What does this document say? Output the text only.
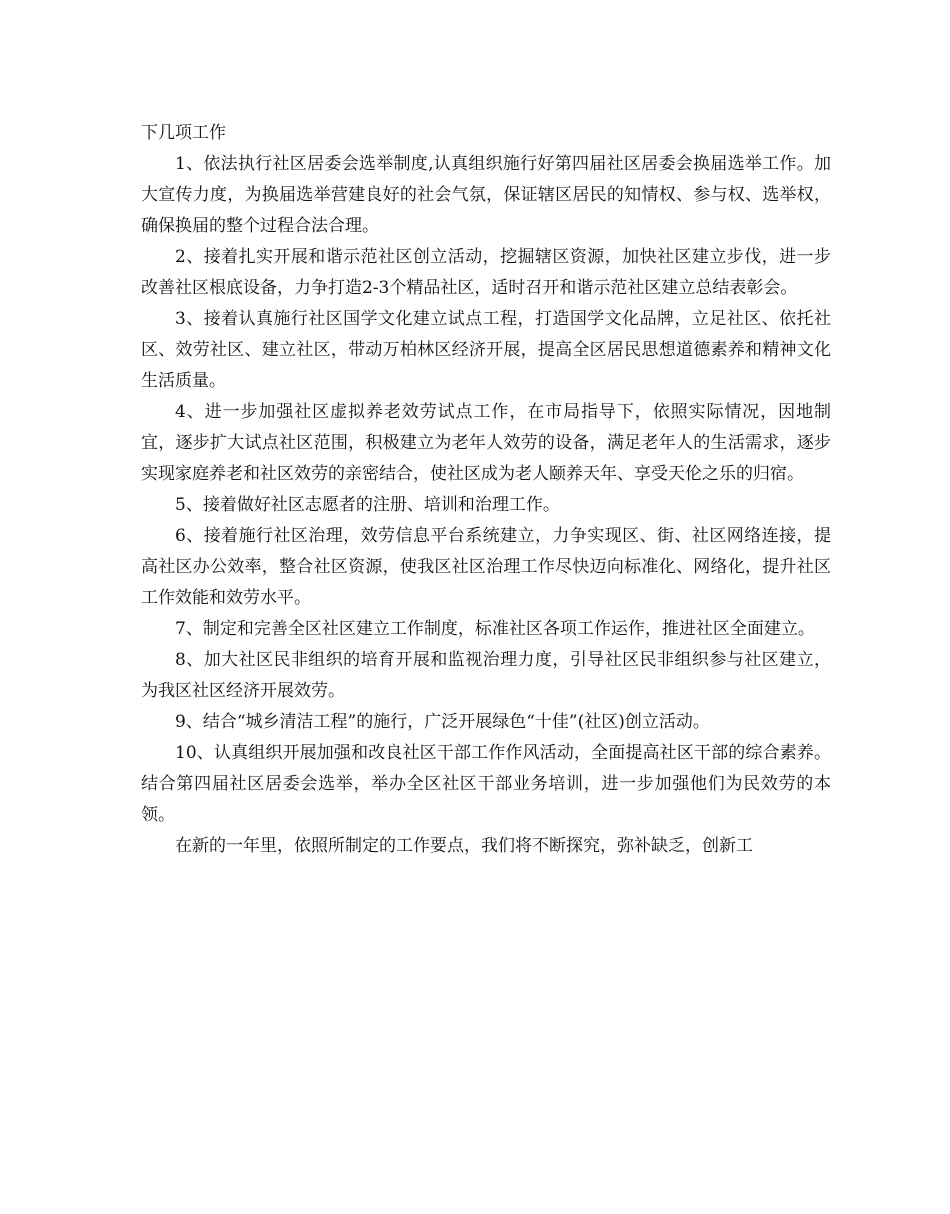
下几项工作

1、依法执行社区居委会选举制度,认真组织施行好第四届社区居委会换届选举工作。加大宣传力度，为换届选举营建良好的社会气氛，保证辖区居民的知情权、参与权、选举权，确保换届的整个过程合法合理。

2、接着扎实开展和谐示范社区创立活动，挖掘辖区资源，加快社区建立步伐，进一步改善社区根底设备，力争打造2-3个精品社区，适时召开和谐示范社区建立总结表彰会。

3、接着认真施行社区国学文化建立试点工程，打造国学文化品牌，立足社区、依托社区、效劳社区、建立社区，带动万柏林区经济开展，提高全区居民思想道德素养和精神文化生活质量。

4、进一步加强社区虚拟养老效劳试点工作，在市局指导下，依照实际情况，因地制宜，逐步扩大试点社区范围，积极建立为老年人效劳的设备，满足老年人的生活需求，逐步实现家庭养老和社区效劳的亲密结合，使社区成为老人颐养天年、享受天伦之乐的归宿。

5、接着做好社区志愿者的注册、培训和治理工作。

6、接着施行社区治理，效劳信息平台系统建立，力争实现区、街、社区网络连接，提高社区办公效率，整合社区资源，使我区社区治理工作尽快迈向标准化、网络化，提升社区工作效能和效劳水平。

7、制定和完善全区社区建立工作制度，标准社区各项工作运作，推进社区全面建立。

8、加大社区民非组织的培育开展和监视治理力度，引导社区民非组织参与社区建立，为我区社区经济开展效劳。

9、结合“城乡清洁工程”的施行，广泛开展绿色“十佳”(社区)创立活动。

10、认真组织开展加强和改良社区干部工作作风活动，全面提高社区干部的综合素养。结合第四届社区居委会选举，举办全区社区干部业务培训，进一步加强他们为民效劳的本领。

在新的一年里，依照所制定的工作要点，我们将不断探究，弥补缺乏，创新工
